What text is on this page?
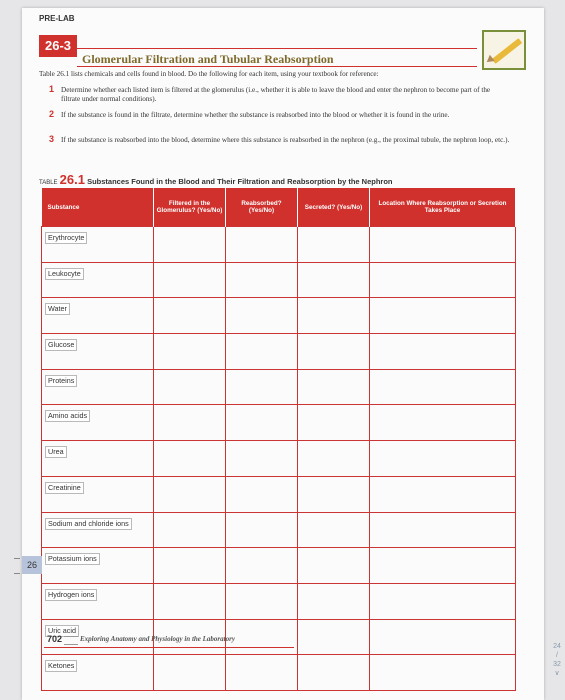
PRE-LAB
26-3
Glomerular Filtration and Tubular Reabsorption
Table 26.1 lists chemicals and cells found in blood. Do the following for each item, using your textbook for reference:
1 Determine whether each listed item is filtered at the glomerulus (i.e., whether it is able to leave the blood and enter the nephron to become part of the filtrate under normal conditions).
2 If the substance is found in the filtrate, determine whether the substance is reabsorbed into the blood or whether it is found in the urine.
3 If the substance is reabsorbed into the blood, determine where this substance is reabsorbed in the nephron (e.g., the proximal tubule, the nephron loop, etc.).
TABLE 26.1 Substances Found in the Blood and Their Filtration and Reabsorption by the Nephron
Substance	Filtered in the Glomerulus? (Yes/No)	Reabsorbed? (Yes/No)	Secreted? (Yes/No)	Location Where Reabsorption or Secretion Takes Place
Erythrocyte				
Leukocyte				
Water				
Glucose				
Proteins				
Amino acids				
Urea				
Creatinine				
Sodium and chloride ions				
Potassium ions				
Hydrogen ions				
Uric acid				
Ketones				
702	Exploring Anatomy and Physiology in the Laboratory
26
24
/
32
∨
